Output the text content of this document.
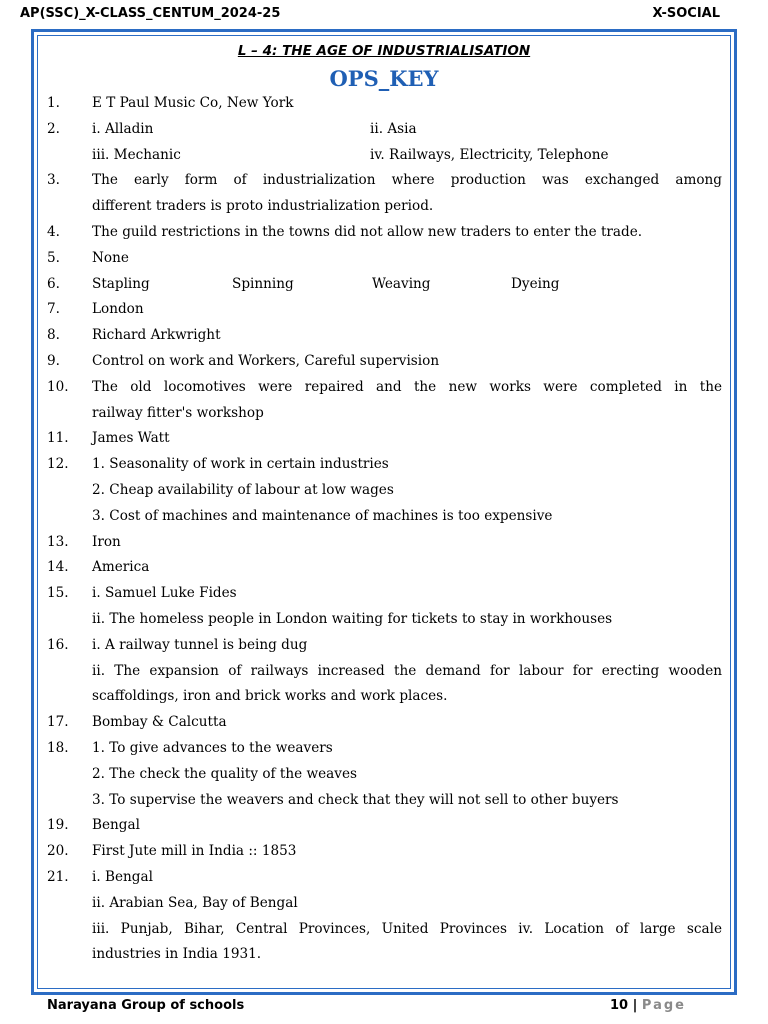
AP(SSC)_X-CLASS_CENTUM_2024-25	X-SOCIAL
L – 4: THE AGE OF INDUSTRIALISATION
OPS_KEY
1. E T Paul Music Co, New York
2. i. Alladin	ii. Asia
iii. Mechanic	iv. Railways, Electricity, Telephone
3. The early form of industrialization where production was exchanged among
different traders is proto industrialization period.
4. The guild restrictions in the towns did not allow new traders to enter the trade.
5. None
6. Stapling	Spinning	Weaving	Dyeing
7. London
8. Richard Arkwright
9. Control on work and Workers, Careful supervision
10. The old locomotives were repaired and the new works were completed in the
railway fitter's workshop
11. James Watt
12. 1. Seasonality of work in certain industries
2. Cheap availability of labour at low wages
3. Cost of machines and maintenance of machines is too expensive
13. Iron
14. America
15. i. Samuel Luke Fides
ii. The homeless people in London waiting for tickets to stay in workhouses
16. i. A railway tunnel is being dug
ii. The expansion of railways increased the demand for labour for erecting wooden
scaffoldings, iron and brick works and work places.
17. Bombay & Calcutta
18. 1. To give advances to the weavers
2. The check the quality of the weaves
3. To supervise the weavers and check that they will not sell to other buyers
19. Bengal
20. First Jute mill in India :: 1853
21. i. Bengal
ii. Arabian Sea, Bay of Bengal
iii. Punjab, Bihar, Central Provinces, United Provinces iv. Location of large scale
industries in India 1931.
Narayana Group of schools	10 | Page
